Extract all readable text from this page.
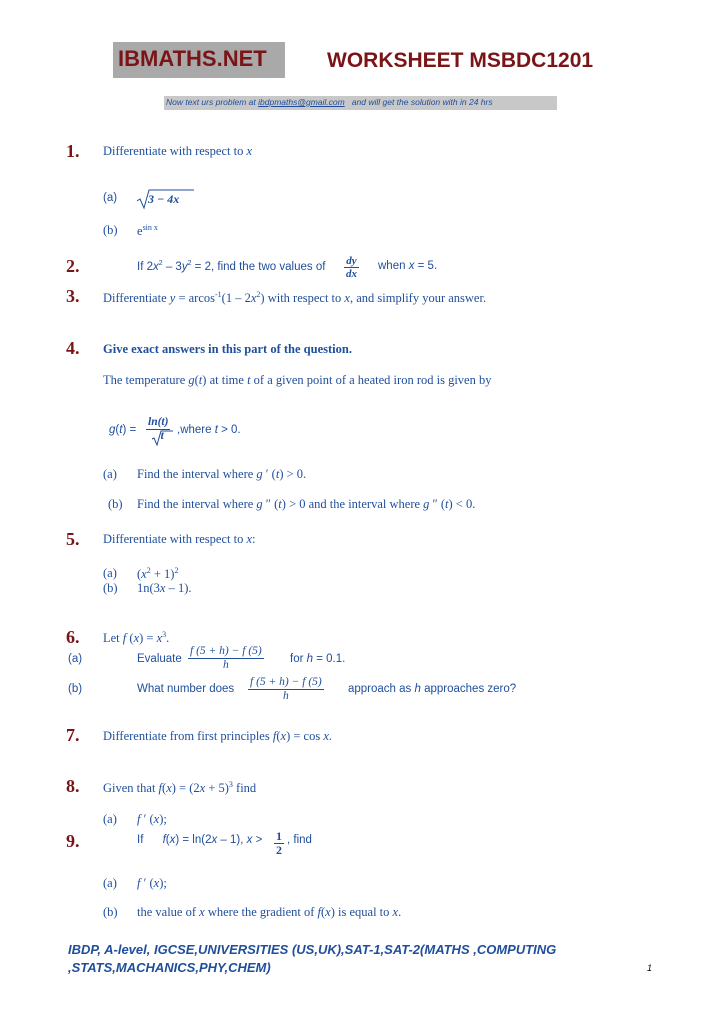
IBMATHS.NET	WORKSHEET MSBDC1201
Now text urs problem at ibdpmaths@gmail.com   and will get the solution with in 24 hrs
1. Differentiate with respect to x
(a)	3 − 4x
(b) $e^{sin x}$
2.	If $2x^2 - 3y^2 = 2$, find the two values of $\frac{dy}{dx}$ when x = 5.
3. Differentiate $y = arcos^{-1}(1 - 2x^2)$ with respect to x, and simplify your answer.
4. Give exact answers in this part of the question.
The temperature g(t) at time t of a given point of a heated iron rod is given by
$g(t) = \frac{\ln(t)}{t}$ ,where t > 0.
(a) Find the interval where g ′ (t) > 0.
(b) Find the interval where g ″ (t) > 0 and the interval where g ″ (t) < 0.
5. Differentiate with respect to x:
(a) $(x^2 + 1)^2$
(b) 1n(3x – 1).
6. Let f $(x) = x^3$.
(a)	Evaluate $\frac{f (5 + h) - f (5)}{h}$ for h = 0.1.
(b)	What number does $\frac{f (5 + h) - f (5)}{h}$ approach as h approaches zero?
7. Differentiate from first principles f(x) = cos x.
8. Given that $f(x) = (2x + 5)^3$ find
(a) f ′ (x);
9.	If      f(x) = ln(2x – 1), $x > \frac{1}{2}$ , find
(a) f ′ (x);
(b) the value of x where the gradient of f(x) is equal to x.
IBDP, A-level, IGCSE,UNIVERSITIES (US,UK),SAT-1,SAT-2(MATHS ,COMPUTING
,STATS,MACHANICS,PHY,CHEM)	1
